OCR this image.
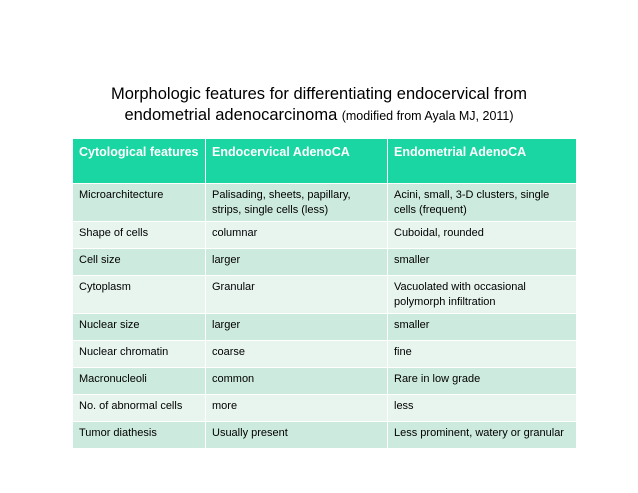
Morphologic features for differentiating endocervical from
endometrial adenocarcinoma (modified from Ayala MJ, 2011)
Cytological features	Endocervical AdenoCA	Endometrial AdenoCA
Microarchitecture	Palisading, sheets, papillary, strips, single cells (less)	Acini, small, 3-D clusters, single cells (frequent)
Shape of cells	columnar	Cuboidal, rounded
Cell size	larger	smaller
Cytoplasm	Granular	Vacuolated with occasional polymorph infiltration
Nuclear size	larger	smaller
Nuclear chromatin	coarse	fine
Macronucleoli	common	Rare in low grade
No. of abnormal cells	more	less
Tumor diathesis	Usually present	Less prominent, watery or granular
